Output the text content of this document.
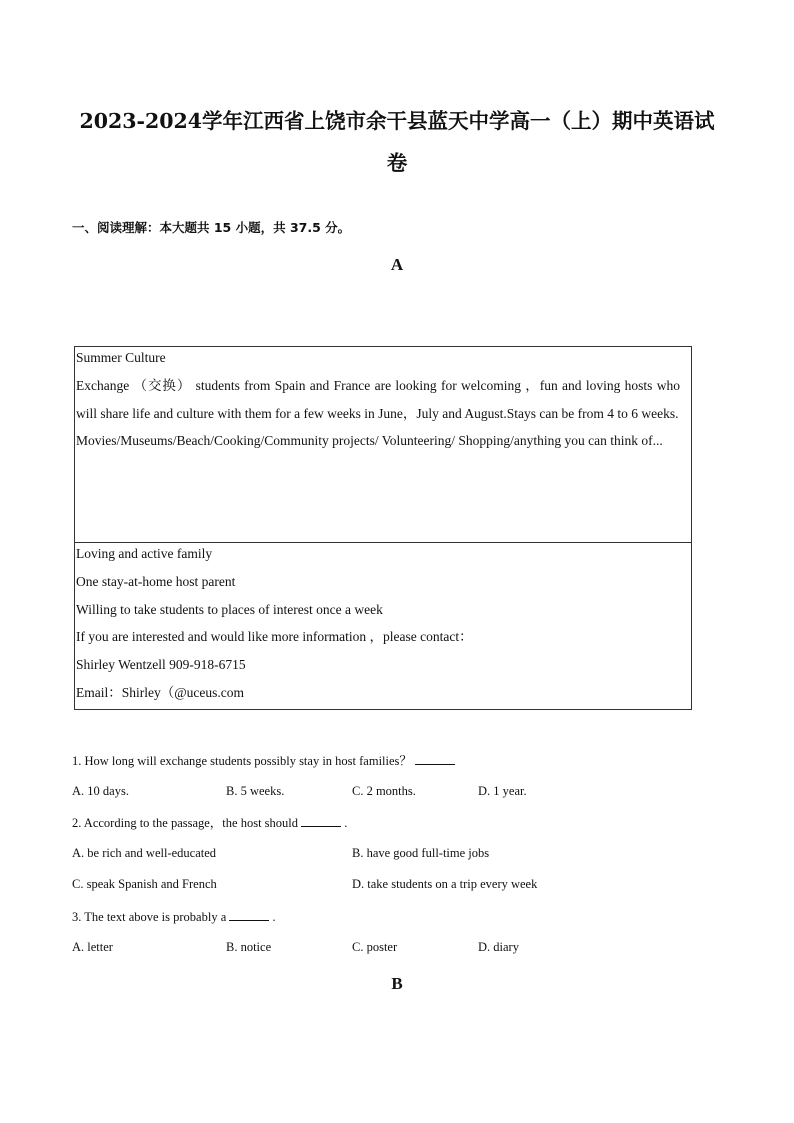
2023-2024学年江西省上饶市余干县蓝天中学高一（上）期中英语试
卷
一、阅读理解：本大题共 15 小题，共 37.5 分。
A

Summer Culture

Exchange （交换） students from Spain and France are looking for welcoming ，fun and loving hosts who will share life and culture with them for a few weeks in June，July and August.Stays can be from 4 to 6 weeks.

Movies/Museums/Beach/Cooking/Community projects/ Volunteering/ Shopping/anything you can think of...

Loving and active family

One stay-at-home host parent

Willing to take students to places of interest once a week

If you are interested and would like more information ，please contact：

Shirley Wentzell 909-918-6715

Email：Shirley（@uceus.com

1. How long will exchange students possibly stay in host families？
A. 10 days.	B. 5 weeks.	C. 2 months.	D. 1 year.
2. According to the passage，the host should	.
A. be rich and well-educated	B. have good full-time jobs
C. speak Spanish and French	D. take students on a trip every week
3. The text above is probably a	.
A. letter	B. notice	C. poster	D. diary
B
